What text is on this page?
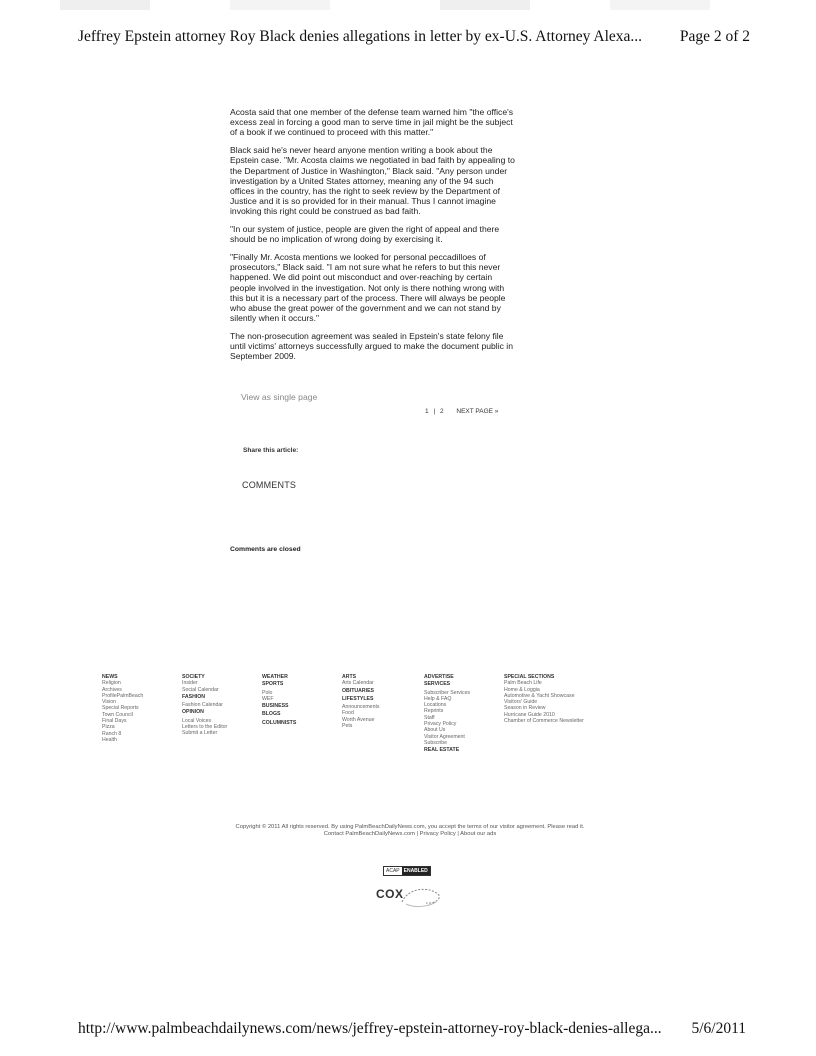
Jeffrey Epstein attorney Roy Black denies allegations in letter by ex-U.S. Attorney Alexa... Page 2 of 2

Acosta said that one member of the defense team warned him "the office's excess zeal in forcing a good man to serve time in jail might be the subject of a book if we continued to proceed with this matter."

Black said he's never heard anyone mention writing a book about the Epstein case. "Mr. Acosta claims we negotiated in bad faith by appealing to the Department of Justice in Washington," Black said. "Any person under investigation by a United States attorney, meaning any of the 94 such offices in the country, has the right to seek review by the Department of Justice and it is so provided for in their manual. Thus I cannot imagine invoking this right could be construed as bad faith.

"In our system of justice, people are given the right of appeal and there should be no implication of wrong doing by exercising it.

"Finally Mr. Acosta mentions we looked for personal peccadilloes of prosecutors," Black said. "I am not sure what he refers to but this never happened. We did point out misconduct and over-reaching by certain people involved in the investigation. Not only is there nothing wrong with this but it is a necessary part of the process. There will always be people who abuse the great power of the government and we can not stand by silently when it occurs."

The non-prosecution agreement was sealed in Epstein's state felony file until victims' attorneys successfully argued to make the document public in September 2009.

View as single page
1 | 2 NEXT PAGE »
Share this article:
COMMENTS
Comments are closed
NEWS
Religion
Archives
ProfilePalmBeach
Vision
Special Reports
Town Council
Final Days
Pizza
Ranch 8
Health
SOCIETY
Insider
Social Calendar
FASHION
Fashion Calendar
OPINION
Local Voices
Letters to the Editor
Submit a Letter
WEATHER
SPORTS
Polo
WEF
BUSINESS
BLOGS
COLUMNISTS
ARTS
Arts Calendar
OBITUARIES
LIFESTYLES
Announcements
Food
Worth Avenue
Pets
ADVERTISE
SERVICES
Subscriber Services
Help & FAQ
Locations
Reprints
Staff
Privacy Policy
About Us
Visitor Agreement
Subscribe
REAL ESTATE
SPECIAL SECTIONS
Palm Beach Life
Home & Loggia
Automotive & Yacht Showcase
Visitors' Guide
Season in Review
Hurricane Guide 2010
Chamber of Commerce Newsletter
Copyright © 2011 All rights reserved. By using PalmBeachDailyNews.com, you accept the terms of our visitor agreement. Please read it.
Contact PalmBeachDailyNews.com | Privacy Policy | About our ads
ACAP ENABLED
COX
http://www.palmbeachdailynews.com/news/jeffrey-epstein-attorney-roy-black-denies-allega... 5/6/2011
